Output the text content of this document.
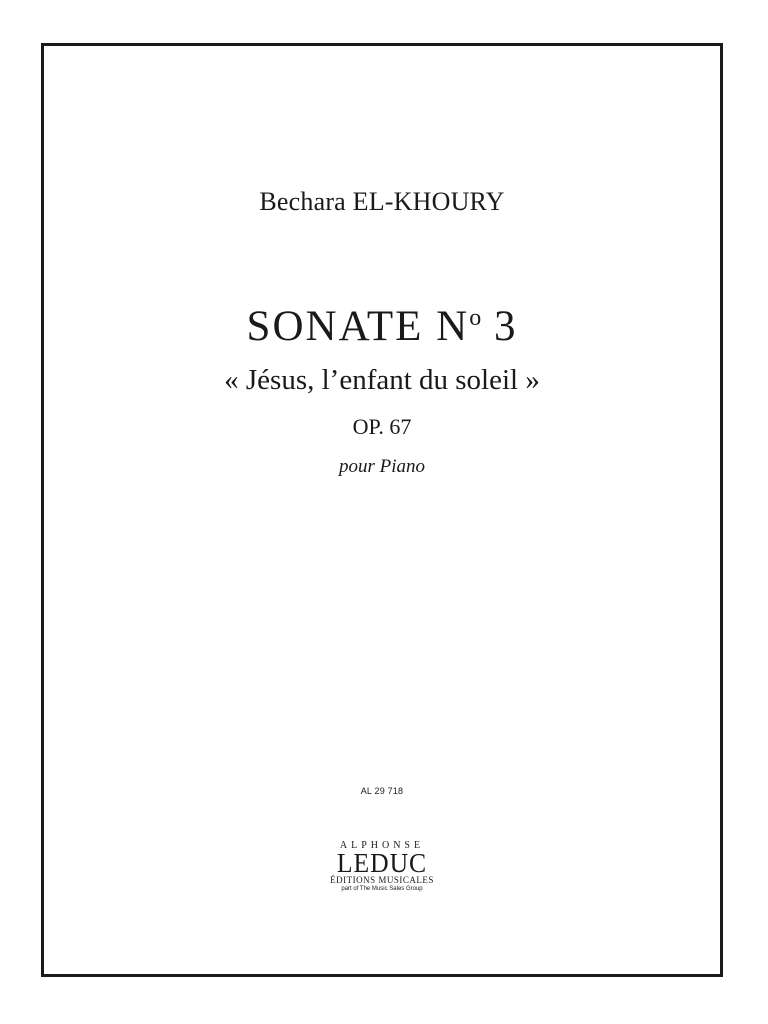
Bechara EL-KHOURY

SONATE $N^o$ 3

« Jésus, l’enfant du soleil »

OP. 67

pour Piano

AL 29 718

ALPHONSE
LEDUC
ÉDITIONS MUSICALES
part of The Music Sales Group
